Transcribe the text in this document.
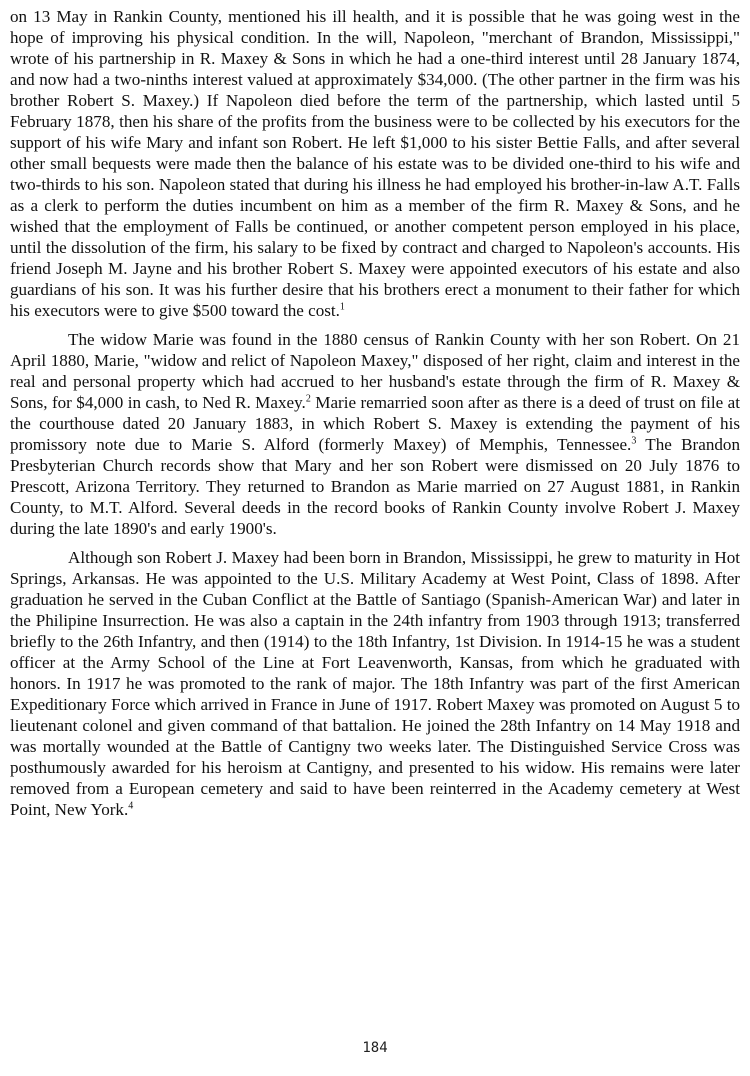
on 13 May in Rankin County, mentioned his ill health, and it is possible that he was going west in the hope of improving his physical condition. In the will, Napoleon, "merchant of Brandon, Mississippi," wrote of his partnership in R. Maxey & Sons in which he had a one-third interest until 28 January 1874, and now had a two-ninths interest valued at approximately $34,000. (The other partner in the firm was his brother Robert S. Maxey.) If Napoleon died before the term of the partnership, which lasted until 5 February 1878, then his share of the profits from the business were to be collected by his executors for the support of his wife Mary and infant son Robert. He left $1,000 to his sister Bettie Falls, and after several other small bequests were made then the balance of his estate was to be divided one-third to his wife and two-thirds to his son. Napoleon stated that during his illness he had employed his brother-in-law A.T. Falls as a clerk to perform the duties incumbent on him as a member of the firm R. Maxey & Sons, and he wished that the employment of Falls be continued, or another competent person employed in his place, until the dissolution of the firm, his salary to be fixed by contract and charged to Napoleon's accounts. His friend Joseph M. Jayne and his brother Robert S. Maxey were appointed executors of his estate and also guardians of his son. It was his further desire that his brothers erect a monument to their father for which his executors were to give $500 toward the cost.$^1$

The widow Marie was found in the 1880 census of Rankin County with her son Robert. On 21 April 1880, Marie, "widow and relict of Napoleon Maxey," disposed of her right, claim and interest in the real and personal property which had accrued to her husband's estate through the firm of R. Maxey & Sons, for $4,000 in cash, to Ned R. Maxey.$^2$ Marie remarried soon after as there is a deed of trust on file at the courthouse dated 20 January 1883, in which Robert S. Maxey is extending the payment of his promissory note due to Marie S. Alford (formerly Maxey) of Memphis, Tennessee.$^3$ The Brandon Presbyterian Church records show that Mary and her son Robert were dismissed on 20 July 1876 to Prescott, Arizona Territory. They returned to Brandon as Marie married on 27 August 1881, in Rankin County, to M.T. Alford. Several deeds in the record books of Rankin County involve Robert J. Maxey during the late 1890's and early 1900's.

Although son Robert J. Maxey had been born in Brandon, Mississippi, he grew to maturity in Hot Springs, Arkansas. He was appointed to the U.S. Military Academy at West Point, Class of 1898. After graduation he served in the Cuban Conflict at the Battle of Santiago (Spanish-American War) and later in the Philipine Insurrection. He was also a captain in the 24th infantry from 1903 through 1913; transferred briefly to the 26th Infantry, and then (1914) to the 18th Infantry, 1st Division. In 1914-15 he was a student officer at the Army School of the Line at Fort Leavenworth, Kansas, from which he graduated with honors. In 1917 he was promoted to the rank of major. The 18th Infantry was part of the first American Expeditionary Force which arrived in France in June of 1917. Robert Maxey was promoted on August 5 to lieutenant colonel and given command of that battalion. He joined the 28th Infantry on 14 May 1918 and was mortally wounded at the Battle of Cantigny two weeks later. The Distinguished Service Cross was posthumously awarded for his heroism at Cantigny, and presented to his widow. His remains were later removed from a European cemetery and said to have been reinterred in the Academy cemetery at West Point, New York.$^4$

184
